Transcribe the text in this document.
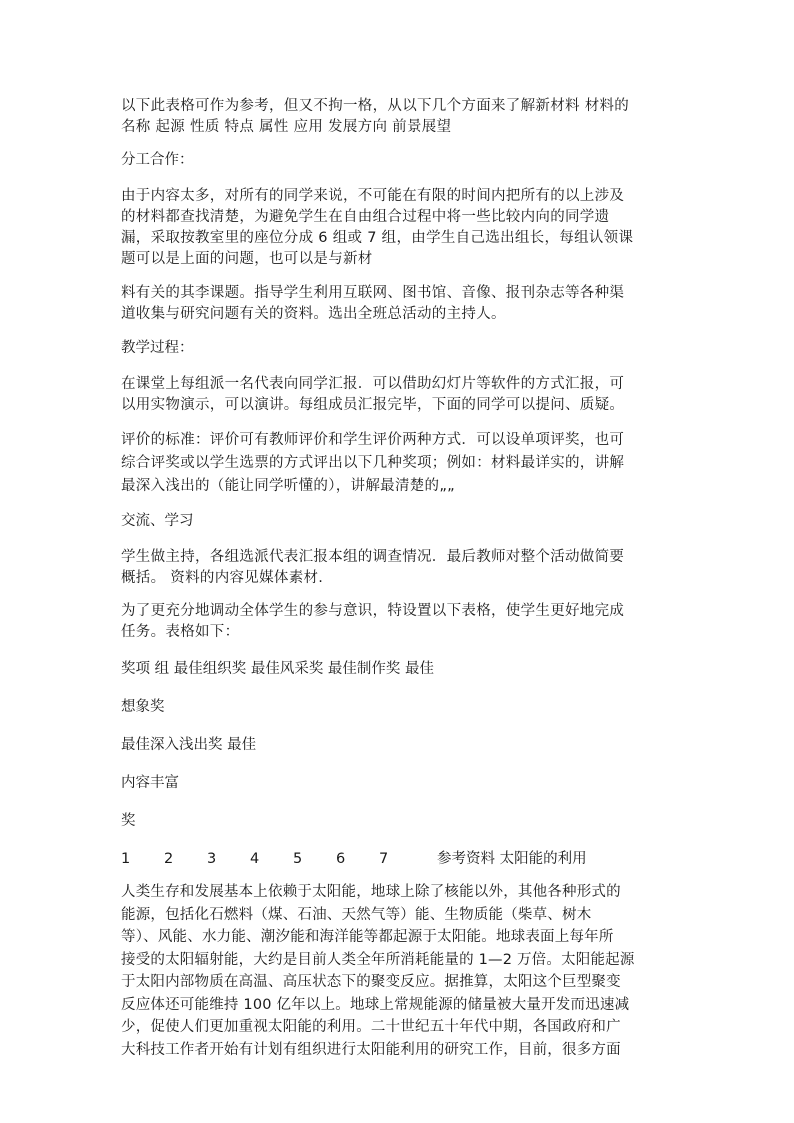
以下此表格可作为参考，但又不拘一格，从以下几个方面来了解新材料 材料的
名称 起源 性质 特点 属性 应用 发展方向 前景展望

分工合作：

由于内容太多，对所有的同学来说，不可能在有限的时间内把所有的以上涉及
的材料都查找清楚，为避免学生在自由组合过程中将一些比较内向的同学遗
漏，采取按教室里的座位分成 6 组或 7 组，由学生自己选出组长，每组认领课
题可以是上面的问题，也可以是与新材

料有关的其李课题。指导学生利用互联网、图书馆、音像、报刊杂志等各种渠
道收集与研究问题有关的资料。选出全班总活动的主持人。

教学过程：

在课堂上每组派一名代表向同学汇报．可以借助幻灯片等软件的方式汇报，可
以用实物演示，可以演讲。每组成员汇报完毕，下面的同学可以提问、质疑。

评价的标准：评价可有教师评价和学生评价两种方式．可以设单项评奖，也可
综合评奖或以学生选票的方式评出以下几种奖项；例如：材料最详实的，讲解
最深入浅出的（能让同学听懂的），讲解最清楚的„„

交流、学习

学生做主持，各组选派代表汇报本组的调查情况．最后教师对整个活动做简要
概括。 资料的内容见媒体素材.

为了更充分地调动全体学生的参与意识，特设置以下表格，使学生更好地完成
任务。表格如下：

奖项 组 最佳组织奖 最佳风采奖 最佳制作奖 最佳

想象奖

最佳深入浅出奖 最佳

内容丰富

奖

1 2 3 4 5 6 7	参考资料 太阳能的利用

人类生存和发展基本上依赖于太阳能，地球上除了核能以外，其他各种形式的
能源，包括化石燃料（煤、石油、天然气等）能、生物质能（柴草、树木
等）、风能、水力能、潮汐能和海洋能等都起源于太阳能。地球表面上每年所
接受的太阳辐射能，大约是目前人类全年所消耗能量的 1—2 万倍。太阳能起源
于太阳内部物质在高温、高压状态下的聚变反应。据推算，太阳这个巨型聚变
反应体还可能维持 100 亿年以上。地球上常规能源的储量被大量开发而迅速减
少，促使人们更加重视太阳能的利用。二十世纪五十年代中期，各国政府和广
大科技工作者开始有计划有组织进行太阳能利用的研究工作，目前，很多方面
